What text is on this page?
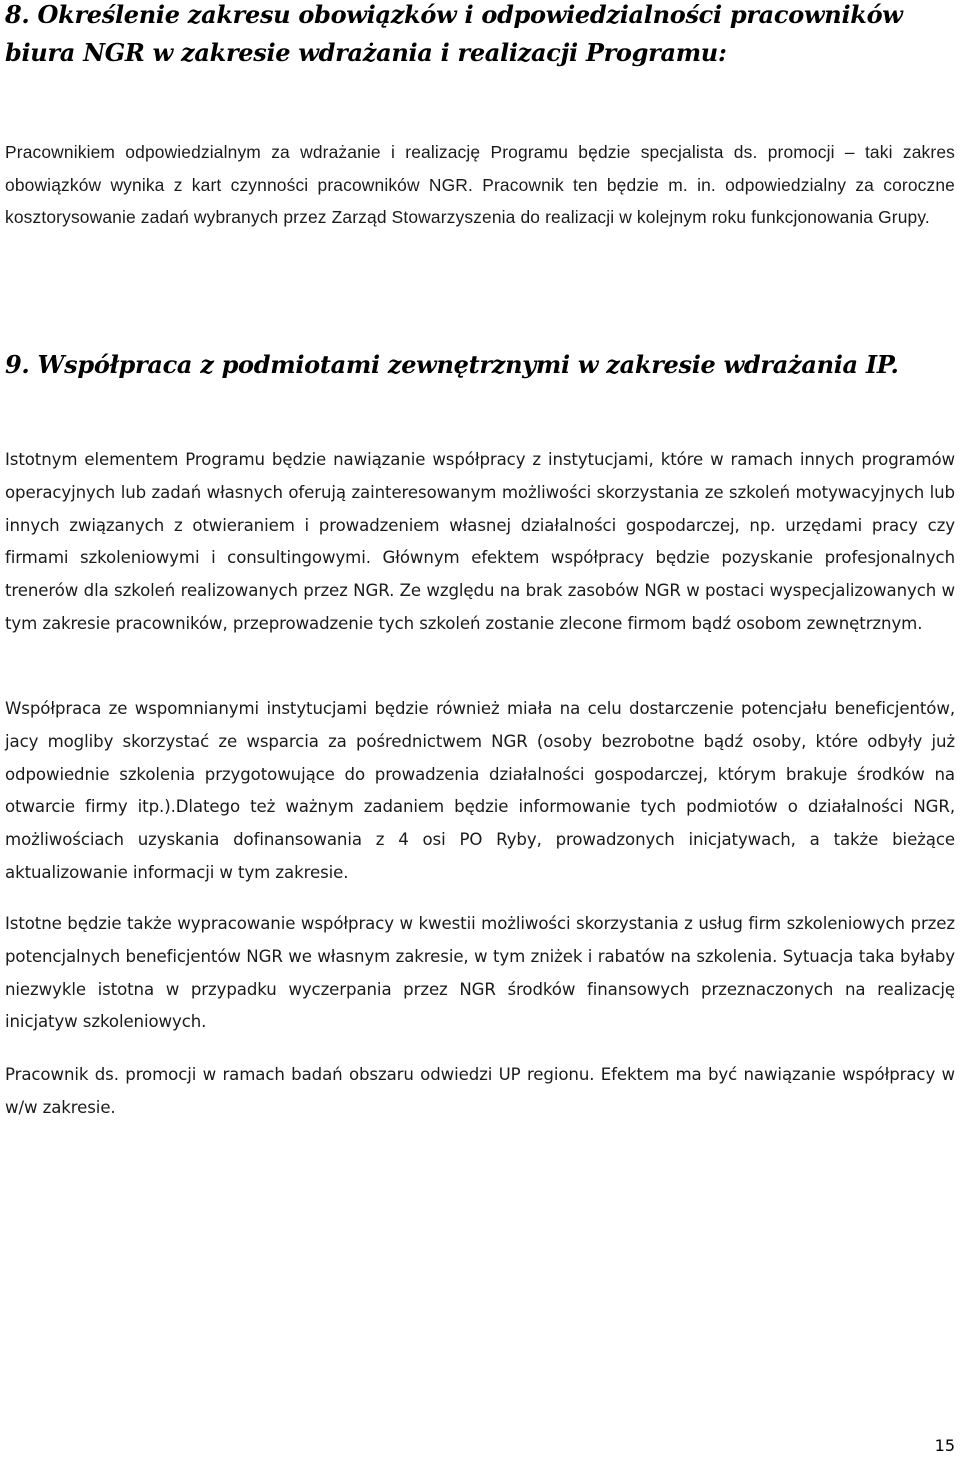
8. Określenie zakresu obowiązków i odpowiedzialności pracowników biura NGR w zakresie wdrażania i realizacji Programu:

Pracownikiem odpowiedzialnym za wdrażanie i realizację Programu będzie specjalista ds. promocji – taki zakres obowiązków wynika z kart czynności pracowników NGR. Pracownik ten będzie m. in. odpowiedzialny za coroczne kosztorysowanie zadań wybranych przez Zarząd Stowarzyszenia do realizacji w kolejnym roku funkcjonowania Grupy.

9. Współpraca z podmiotami zewnętrznymi w zakresie wdrażania IP.

Istotnym elementem Programu będzie nawiązanie współpracy z instytucjami, które w ramach innych programów operacyjnych lub zadań własnych oferują zainteresowanym możliwości skorzystania ze szkoleń motywacyjnych lub innych związanych z otwieraniem i prowadzeniem własnej działalności gospodarczej, np. urzędami pracy czy firmami szkoleniowymi i consultingowymi. Głównym efektem współpracy będzie pozyskanie profesjonalnych trenerów dla szkoleń realizowanych przez NGR. Ze względu na brak zasobów NGR w postaci wyspecjalizowanych w tym zakresie pracowników, przeprowadzenie tych szkoleń zostanie zlecone firmom bądź osobom zewnętrznym.

Współpraca ze wspomnianymi instytucjami będzie również miała na celu dostarczenie potencjału beneficjentów, jacy mogliby skorzystać ze wsparcia za pośrednictwem NGR (osoby bezrobotne bądź osoby, które odbyły już odpowiednie szkolenia przygotowujące do prowadzenia działalności gospodarczej, którym brakuje środków na otwarcie firmy itp.).Dlatego też ważnym zadaniem będzie informowanie tych podmiotów o działalności NGR, możliwościach uzyskania dofinansowania z 4 osi PO Ryby, prowadzonych inicjatywach, a także bieżące aktualizowanie informacji w tym zakresie.

Istotne będzie także wypracowanie współpracy w kwestii możliwości skorzystania z usług firm szkoleniowych przez potencjalnych beneficjentów NGR we własnym zakresie, w tym zniżek i rabatów na szkolenia. Sytuacja taka byłaby niezwykle istotna w przypadku wyczerpania przez NGR środków finansowych przeznaczonych na realizację inicjatyw szkoleniowych.

Pracownik ds. promocji w ramach badań obszaru odwiedzi UP regionu. Efektem ma być nawiązanie współpracy w w/w zakresie.

15
